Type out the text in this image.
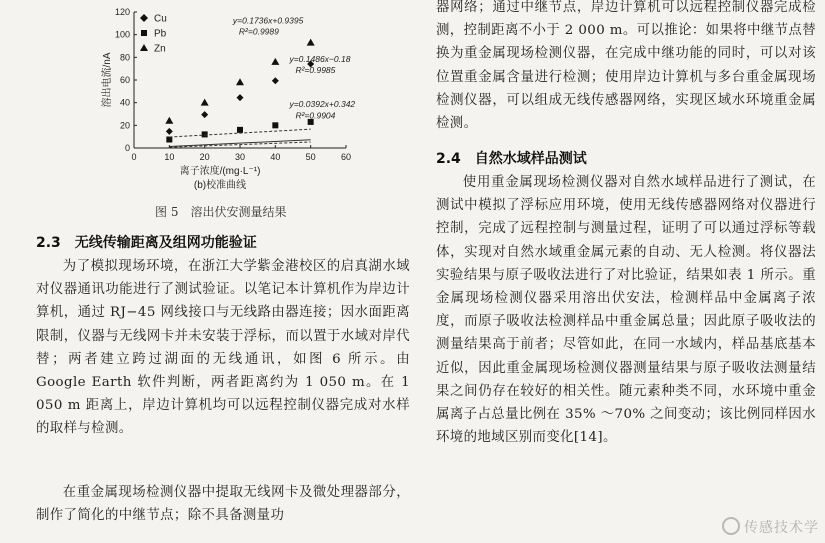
0	10	20	30	40	50	60
0
20
40
60
80
100
120
离子浓度/(mg·L⁻¹)
(b)校准曲线
溶出电流/nA	y=0.1486x−0.18
R²=0.9985
y=0.0392x+0.342
R²=0.9904
y=0.1736x+0.9395
R²=0.9989
Cu
Pb
Zn
图 5　溶出伏安测量结果
2.3　无线传输距离及组网功能验证
为了模拟现场环境，在浙江大学紫金港校区的启真湖水域对仪器通讯功能进行了测试验证。以笔记本计算机作为岸边计算机，通过 RJ−45 网线接口与无线路由器连接；因水面距离限制，仪器与无线网卡并未安装于浮标，而以置于水域对岸代替；两者建立跨过湖面的无线通讯，如图 6 所示。由 Google Earth 软件判断，两者距离约为 1 050 m。在 1 050 m 距离上，岸边计算机均可以远程控制仪器完成对水样的取样与检测。
在重金属现场检测仪器中提取无线网卡及微处理器部分，制作了简化的中继节点；除不具备测量功
器网络；通过中继节点，岸边计算机可以远程控制仪器完成检测，控制距离不小于 2 000 m。可以推论：如果将中继节点替换为重金属现场检测仪器，在完成中继功能的同时，可以对该位置重金属含量进行检测；使用岸边计算机与多台重金属现场检测仪器，可以组成无线传感器网络，实现区域水环境重金属检测。
2.4　自然水域样品测试
使用重金属现场检测仪器对自然水域样品进行了测试，在测试中模拟了浮标应用环境，使用无线传感器网络对仪器进行控制，完成了远程控制与测量过程，证明了可以通过浮标等载体，实现对自然水域重金属元素的自动、无人检测。将仪器法实验结果与原子吸收法进行了对比验证，结果如表 1 所示。重金属现场检测仪器采用溶出伏安法，检测样品中金属离子浓度，而原子吸收法检测样品中重金属总量；因此原子吸收法的测量结果高于前者；尽管如此，在同一水域内，样品基底基本近似，因此重金属现场检测仪器测量结果与原子吸收法测量结果之间仍存在较好的相关性。随元素种类不同，水环境中重金属离子占总量比例在 35% ～70% 之间变动；该比例同样因水环境的地域区别而变化[14]。
传感技术学
